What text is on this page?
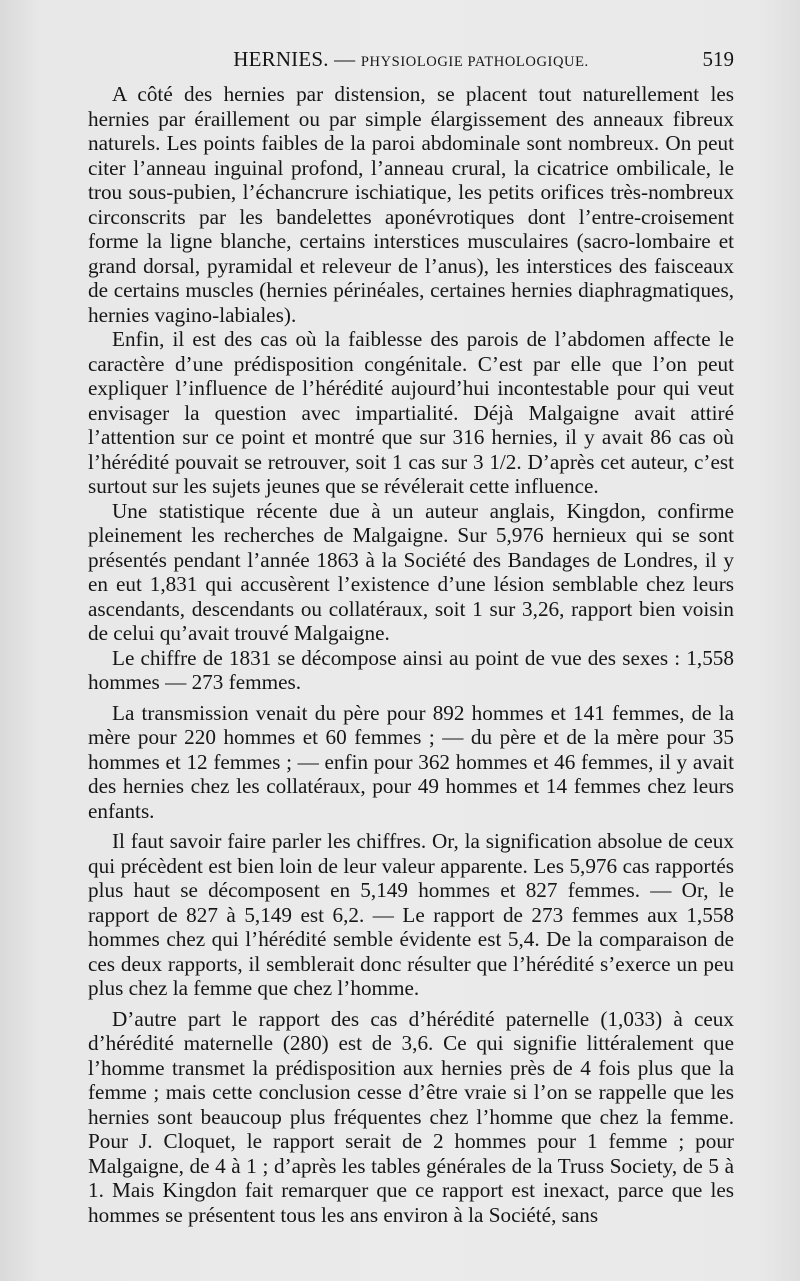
HERNIES. — PHYSIOLOGIE PATHOLOGIQUE.	519

A côté des hernies par distension, se placent tout naturellement les hernies par éraillement ou par simple élargissement des anneaux fibreux naturels. Les points faibles de la paroi abdominale sont nombreux. On peut citer l’anneau inguinal profond, l’anneau crural, la cicatrice ombilicale, le trou sous-pubien, l’échancrure ischiatique, les petits orifices très-nombreux circonscrits par les bandelettes aponévrotiques dont l’entre-croisement forme la ligne blanche, certains interstices musculaires (sacro-lombaire et grand dorsal, pyramidal et releveur de l’anus), les interstices des faisceaux de certains muscles (hernies périnéales, certaines hernies diaphragmatiques, hernies vagino-labiales).

Enfin, il est des cas où la faiblesse des parois de l’abdomen affecte le caractère d’une prédisposition congénitale. C’est par elle que l’on peut expliquer l’influence de l’hérédité aujourd’hui incontestable pour qui veut envisager la question avec impartialité. Déjà Malgaigne avait attiré l’attention sur ce point et montré que sur 316 hernies, il y avait 86 cas où l’hérédité pouvait se retrouver, soit 1 cas sur 3 1/2. D’après cet auteur, c’est surtout sur les sujets jeunes que se révélerait cette influence.

Une statistique récente due à un auteur anglais, Kingdon, confirme pleinement les recherches de Malgaigne. Sur 5,976 hernieux qui se sont présentés pendant l’année 1863 à la Société des Bandages de Londres, il y en eut 1,831 qui accusèrent l’existence d’une lésion semblable chez leurs ascendants, descendants ou collatéraux, soit 1 sur 3,26, rapport bien voisin de celui qu’avait trouvé Malgaigne.

Le chiffre de 1831 se décompose ainsi au point de vue des sexes : 1,558 hommes — 273 femmes.

La transmission venait du père pour 892 hommes et 141 femmes, de la mère pour 220 hommes et 60 femmes ; — du père et de la mère pour 35 hommes et 12 femmes ; — enfin pour 362 hommes et 46 femmes, il y avait des hernies chez les collatéraux, pour 49 hommes et 14 femmes chez leurs enfants.

Il faut savoir faire parler les chiffres. Or, la signification absolue de ceux qui précèdent est bien loin de leur valeur apparente. Les 5,976 cas rapportés plus haut se décomposent en 5,149 hommes et 827 femmes. — Or, le rapport de 827 à 5,149 est 6,2. — Le rapport de 273 femmes aux 1,558 hommes chez qui l’hérédité semble évidente est 5,4. De la comparaison de ces deux rapports, il semblerait donc résulter que l’hérédité s’exerce un peu plus chez la femme que chez l’homme.

D’autre part le rapport des cas d’hérédité paternelle (1,033) à ceux d’hérédité maternelle (280) est de 3,6. Ce qui signifie littéralement que l’homme transmet la prédisposition aux hernies près de 4 fois plus que la femme ; mais cette conclusion cesse d’être vraie si l’on se rappelle que les hernies sont beaucoup plus fréquentes chez l’homme que chez la femme. Pour J. Cloquet, le rapport serait de 2 hommes pour 1 femme ; pour Malgaigne, de 4 à 1 ; d’après les tables générales de la Truss Society, de 5 à 1. Mais Kingdon fait remarquer que ce rapport est inexact, parce que les hommes se présentent tous les ans environ à la Société, sans
